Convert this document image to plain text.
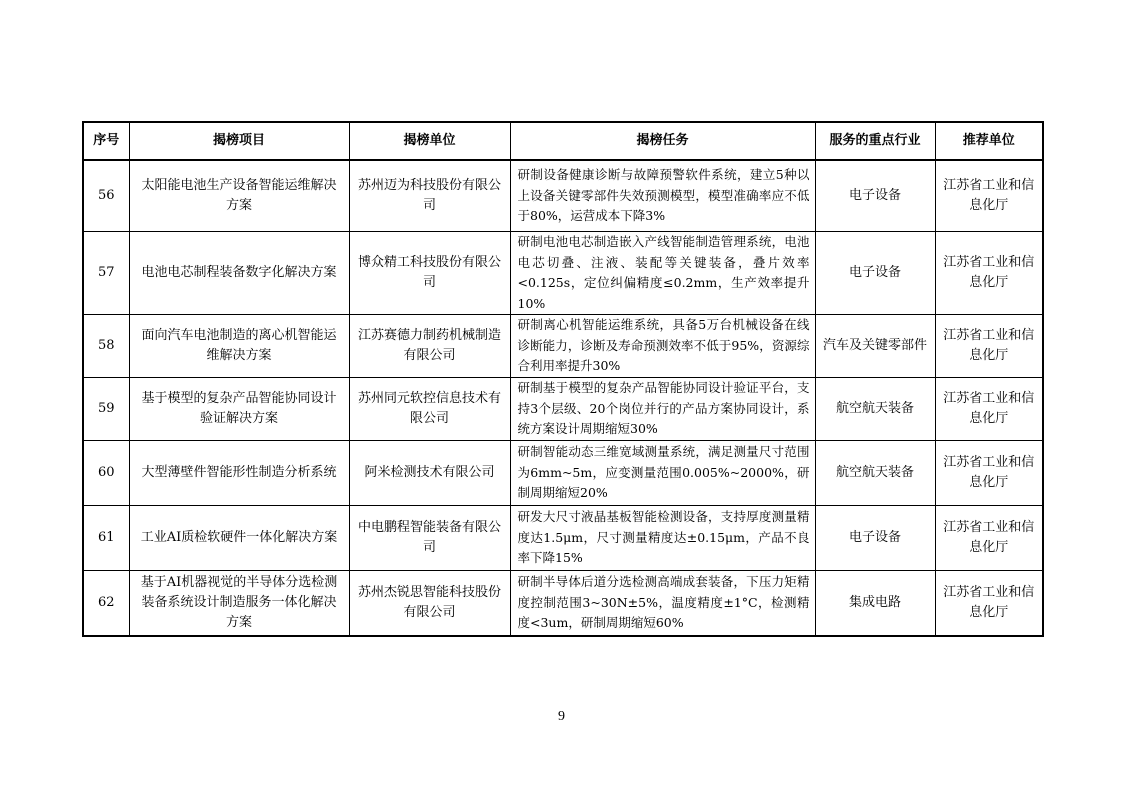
序号	揭榜项目	揭榜单位	揭榜任务	服务的重点行业	推荐单位
56	太阳能电池生产设备智能运维解决方案	苏州迈为科技股份有限公司	研制设备健康诊断与故障预警软件系统，建立5种以上设备关键零部件失效预测模型，模型准确率应不低于80%，运营成本下降3%	电子设备	江苏省工业和信息化厅
57	电池电芯制程装备数字化解决方案	博众精工科技股份有限公司	研制电池电芯制造嵌入产线智能制造管理系统，电池电芯切叠、注液、装配等关键装备，叠片效率<0.125s，定位纠偏精度≤0.2mm，生产效率提升10%	电子设备	江苏省工业和信息化厅
58	面向汽车电池制造的离心机智能运维解决方案	江苏赛德力制药机械制造有限公司	研制离心机智能运维系统，具备5万台机械设备在线诊断能力，诊断及寿命预测效率不低于95%，资源综合利用率提升30%	汽车及关键零部件	江苏省工业和信息化厅
59	基于模型的复杂产品智能协同设计验证解决方案	苏州同元软控信息技术有限公司	研制基于模型的复杂产品智能协同设计验证平台，支持3个层级、20个岗位并行的产品方案协同设计，系统方案设计周期缩短30%	航空航天装备	江苏省工业和信息化厅
60	大型薄壁件智能形性制造分析系统	阿米检测技术有限公司	研制智能动态三维宽域测量系统，满足测量尺寸范围为6mm~5m，应变测量范围0.005%~2000%，研制周期缩短20%	航空航天装备	江苏省工业和信息化厅
61	工业AI质检软硬件一体化解决方案	中电鹏程智能装备有限公司	研发大尺寸液晶基板智能检测设备，支持厚度测量精度达1.5μm，尺寸测量精度达±0.15μm，产品不良率下降15%	电子设备	江苏省工业和信息化厅
62	基于AI机器视觉的半导体分选检测装备系统设计制造服务一体化解决方案	苏州杰锐思智能科技股份有限公司	研制半导体后道分选检测高端成套装备，下压力矩精度控制范围3~30N±5%，温度精度±1°C，检测精度<3um，研制周期缩短60%	集成电路	江苏省工业和信息化厅
9
